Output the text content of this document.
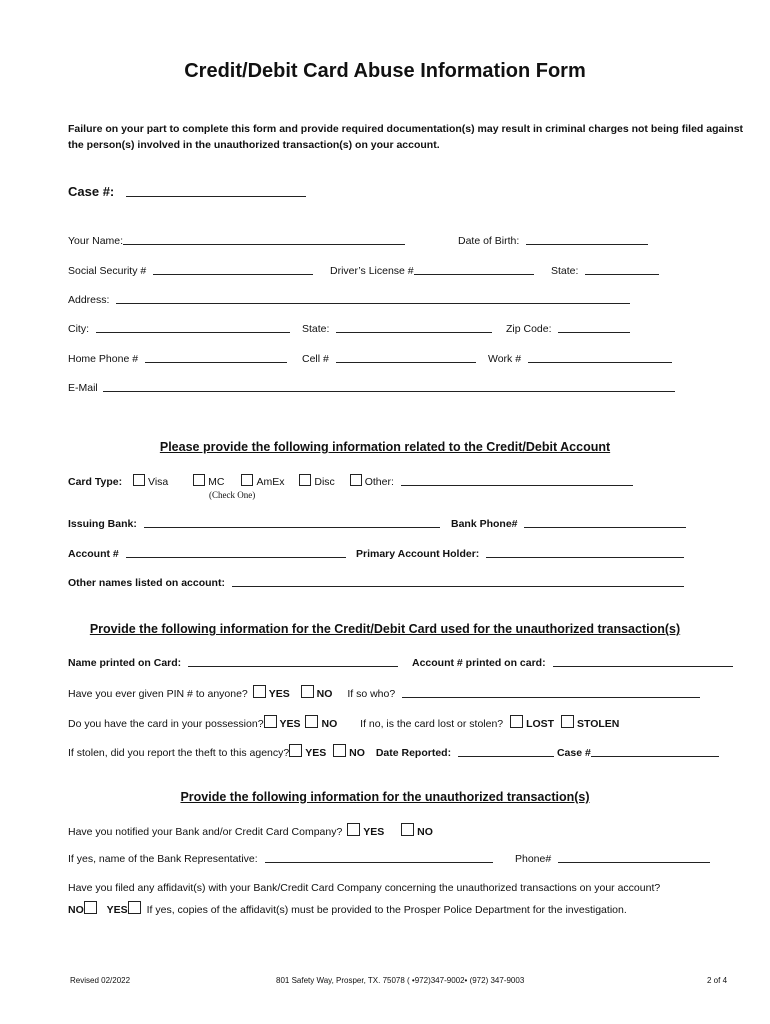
Credit/Debit Card Abuse Information Form
Failure on your part to complete this form and provide required documentation(s) may result in criminal charges not being filed against the person(s) involved in the unauthorized transaction(s) on your account.
Case #:
Your Name:	Date of Birth:
Social Security #	Driver’s License #	State:
Address:
City:	State:	Zip Code:
Home Phone #	Cell #	Work #
E-Mail
Please provide the following information related to the Credit/Debit Account
Card Type: Visa	MC	AmEx	Disc	Other:
(Check One)
Issuing Bank:	Bank Phone#
Account #	Primary Account Holder:
Other names listed on account:
Provide the following information for the Credit/Debit Card used for the unauthorized transaction(s)
Name printed on Card:	Account # printed on card:
Have you ever given PIN # to anyone? YES	NO If so who?
Do you have the card in your possession? YES NO If no, is the card lost or stolen? LOST STOLEN
If stolen, did you report the theft to this agency? YES NO Date Reported:	Case #
Provide the following information for the unauthorized transaction(s)
Have you notified your Bank and/or Credit Card Company? YES	NO
If yes, name of the Bank Representative:	Phone#
Have you filed any affidavit(s) with your Bank/Credit Card Company concerning the unauthorized transactions on your account?
NO YES If yes, copies of the affidavit(s) must be provided to the Prosper Police Department for the investigation.
Revised 02/2022	801 Safety Way, Prosper, TX. 75078 ( •972)347-9002• (972) 347-9003	2 of 4
